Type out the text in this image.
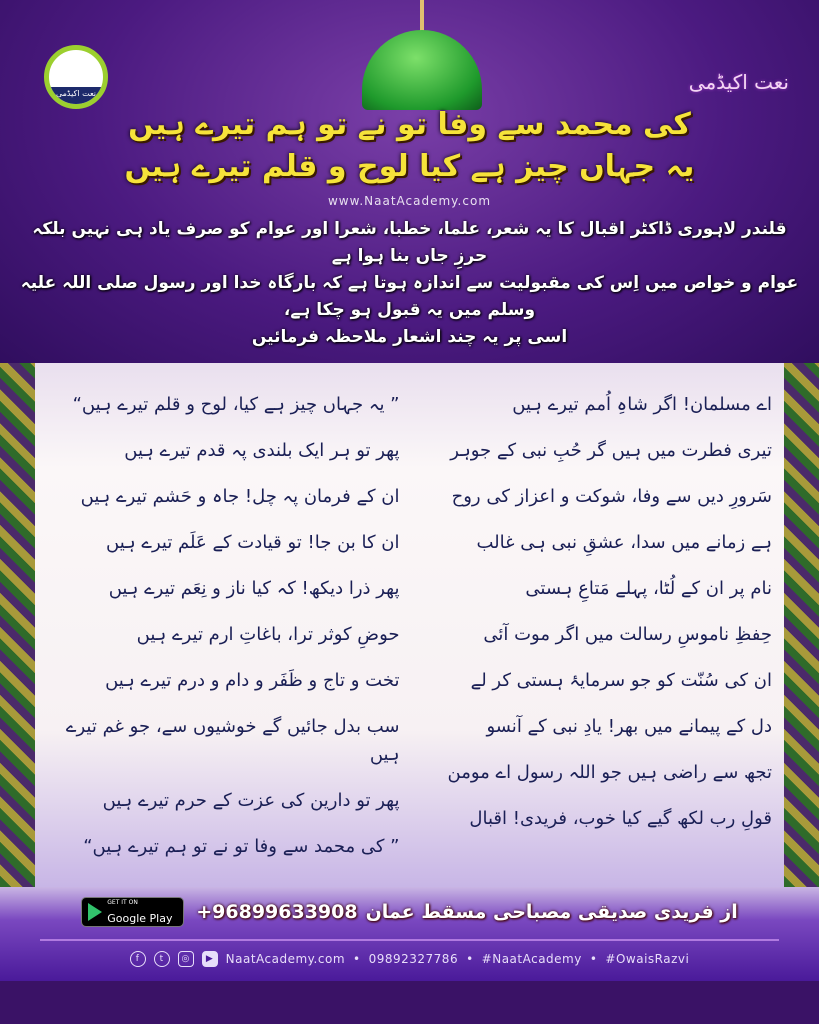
نعت اکیڈمی	نعت اکیڈمی
کی محمد سے وفا تو نے تو ہم تیرے ہیں
یہ جہاں چیز ہے کیا لوح و قلم تیرے ہیں
www.NaatAcademy.com
قلندر لاہوری ڈاکٹر اقبال کا یہ شعر، علما، خطبا، شعرا اور عوام کو صرف یاد ہی نہیں بلکہ حرزِ جاں بنا ہوا ہے
عوام و خواص میں اِس کی مقبولیت سے اندازہ ہوتا ہے کہ بارگاہ خدا اور رسول صلی اللہ علیہ وسلم میں یہ قبول ہو چکا ہے،
اسی پر یہ چند اشعار ملاحظہ فرمائیں
اے مسلمان! اگر شاہِ اُمم تیرے ہیں
تیری فطرت میں ہیں گر حُبِ نبی کے جوہر
سَرورِ دیں سے وفا، شوکت و اعزاز کی روح
ہے زمانے میں سدا، عشقِ نبی ہی غالب
نام پر ان کے لُٹا، پہلے مَتاعِ ہستی
حِفظِ ناموسِ رسالت میں اگر موت آئی
ان کی سُنّت کو جو سرمایۂ ہستی کر لے
دل کے پیمانے میں بھر! یادِ نبی کے آنسو
تجھ سے راضی ہیں جو اللہ رسول اے مومن
قولِ رب لکھ گیے کیا خوب، فریدی! اقبال
” یہ جہاں چیز ہے کیا، لوح و قلم تیرے ہیں“
پھر تو ہر ایک بلندی پہ قدم تیرے ہیں
ان کے فرمان پہ چل! جاہ و حَشم تیرے ہیں
ان کا بن جا! تو قیادت کے عَلَم تیرے ہیں
پھر ذرا دیکھ! کہ کیا ناز و نِعَم تیرے ہیں
حوضِ کوثر ترا، باغاتِ ارم تیرے ہیں
تخت و تاج و ظَفَر و دام و درم تیرے ہیں
سب بدل جائیں گے خوشیوں سے، جو غم تیرے ہیں
پھر تو دارین کی عزت کے حرم تیرے ہیں
” کی محمد سے وفا تو نے تو ہم تیرے ہیں“
GET IT ON
Google Play +96899633908 از فریدی صدیقی مصباحی مسقط عمان
f	t	◎	▶	NaatAcademy.com • 09892327786 • #NaatAcademy • #OwaisRazvi
